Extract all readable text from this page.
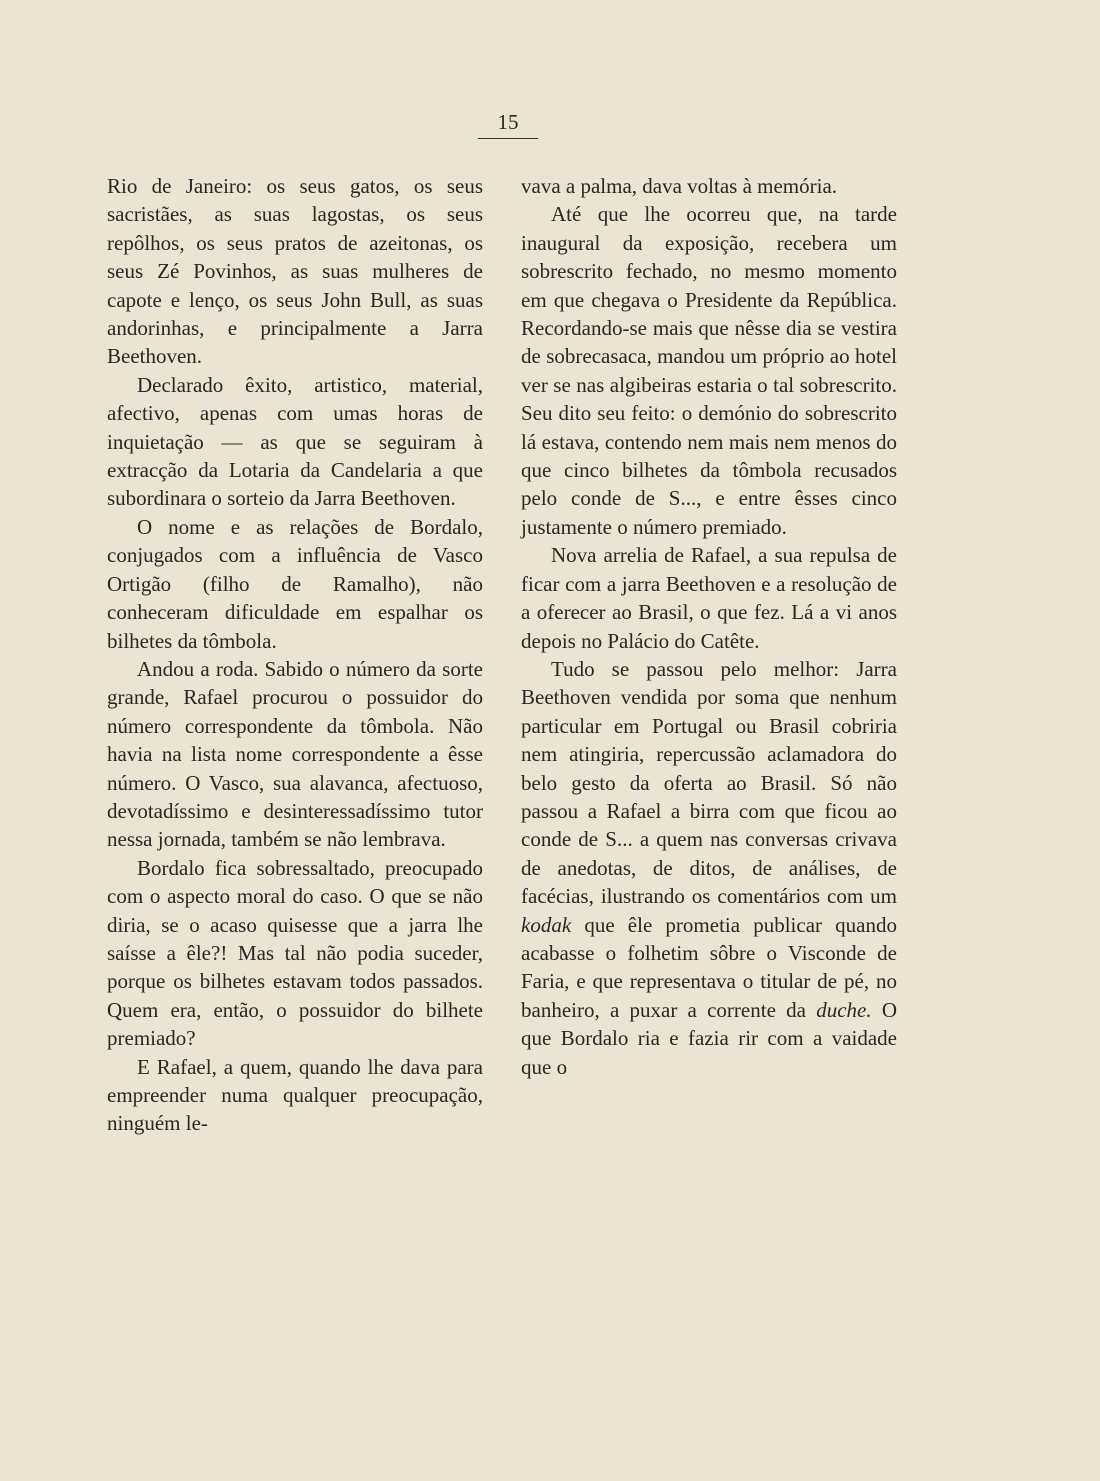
15

Rio de Janeiro: os seus gatos, os seus sacristães, as suas lagostas, os seus repôlhos, os seus pratos de azeitonas, os seus Zé Povinhos, as suas mulheres de capote e lenço, os seus John Bull, as suas andorinhas, e principalmente a Jarra Beethoven.

Declarado êxito, artistico, material, afectivo, apenas com umas horas de inquietação — as que se seguiram à extracção da Lotaria da Candelaria a que subordinara o sorteio da Jarra Beethoven.

O nome e as relações de Bordalo, conjugados com a influência de Vasco Ortigão (filho de Ramalho), não conheceram dificuldade em espalhar os bilhetes da tômbola.

Andou a roda. Sabido o número da sorte grande, Rafael procurou o possuidor do número correspondente da tômbola. Não havia na lista nome correspondente a êsse número. O Vasco, sua alavanca, afectuoso, devotadíssimo e desinteressadíssimo tutor nessa jornada, também se não lembrava.

Bordalo fica sobressaltado, preocupado com o aspecto moral do caso. O que se não diria, se o acaso quisesse que a jarra lhe saísse a êle?! Mas tal não podia suceder, porque os bilhetes estavam todos passados. Quem era, então, o possuidor do bilhete premiado?

E Rafael, a quem, quando lhe dava para empreender numa qualquer preocupação, ninguém le-

vava a palma, dava voltas à memória.

Até que lhe ocorreu que, na tarde inaugural da exposição, recebera um sobrescrito fechado, no mesmo momento em que chegava o Presidente da República. Recordando-se mais que nêsse dia se vestira de sobrecasaca, mandou um próprio ao hotel ver se nas algibeiras estaria o tal sobrescrito. Seu dito seu feito: o demónio do sobrescrito lá estava, contendo nem mais nem menos do que cinco bilhetes da tômbola recusados pelo conde de S..., e entre êsses cinco justamente o número premiado.

Nova arrelia de Rafael, a sua repulsa de ficar com a jarra Beethoven e a resolução de a oferecer ao Brasil, o que fez. Lá a vi anos depois no Palácio do Catête.

Tudo se passou pelo melhor: Jarra Beethoven vendida por soma que nenhum particular em Portugal ou Brasil cobriria nem atingiria, repercussão aclamadora do belo gesto da oferta ao Brasil. Só não passou a Rafael a birra com que ficou ao conde de S... a quem nas conversas crivava de anedotas, de ditos, de análises, de facécias, ilustrando os comentários com um kodak que êle prometia publicar quando acabasse o folhetim sôbre o Visconde de Faria, e que representava o titular de pé, no banheiro, a puxar a corrente da duche. O que Bordalo ria e fazia rir com a vaidade que o
